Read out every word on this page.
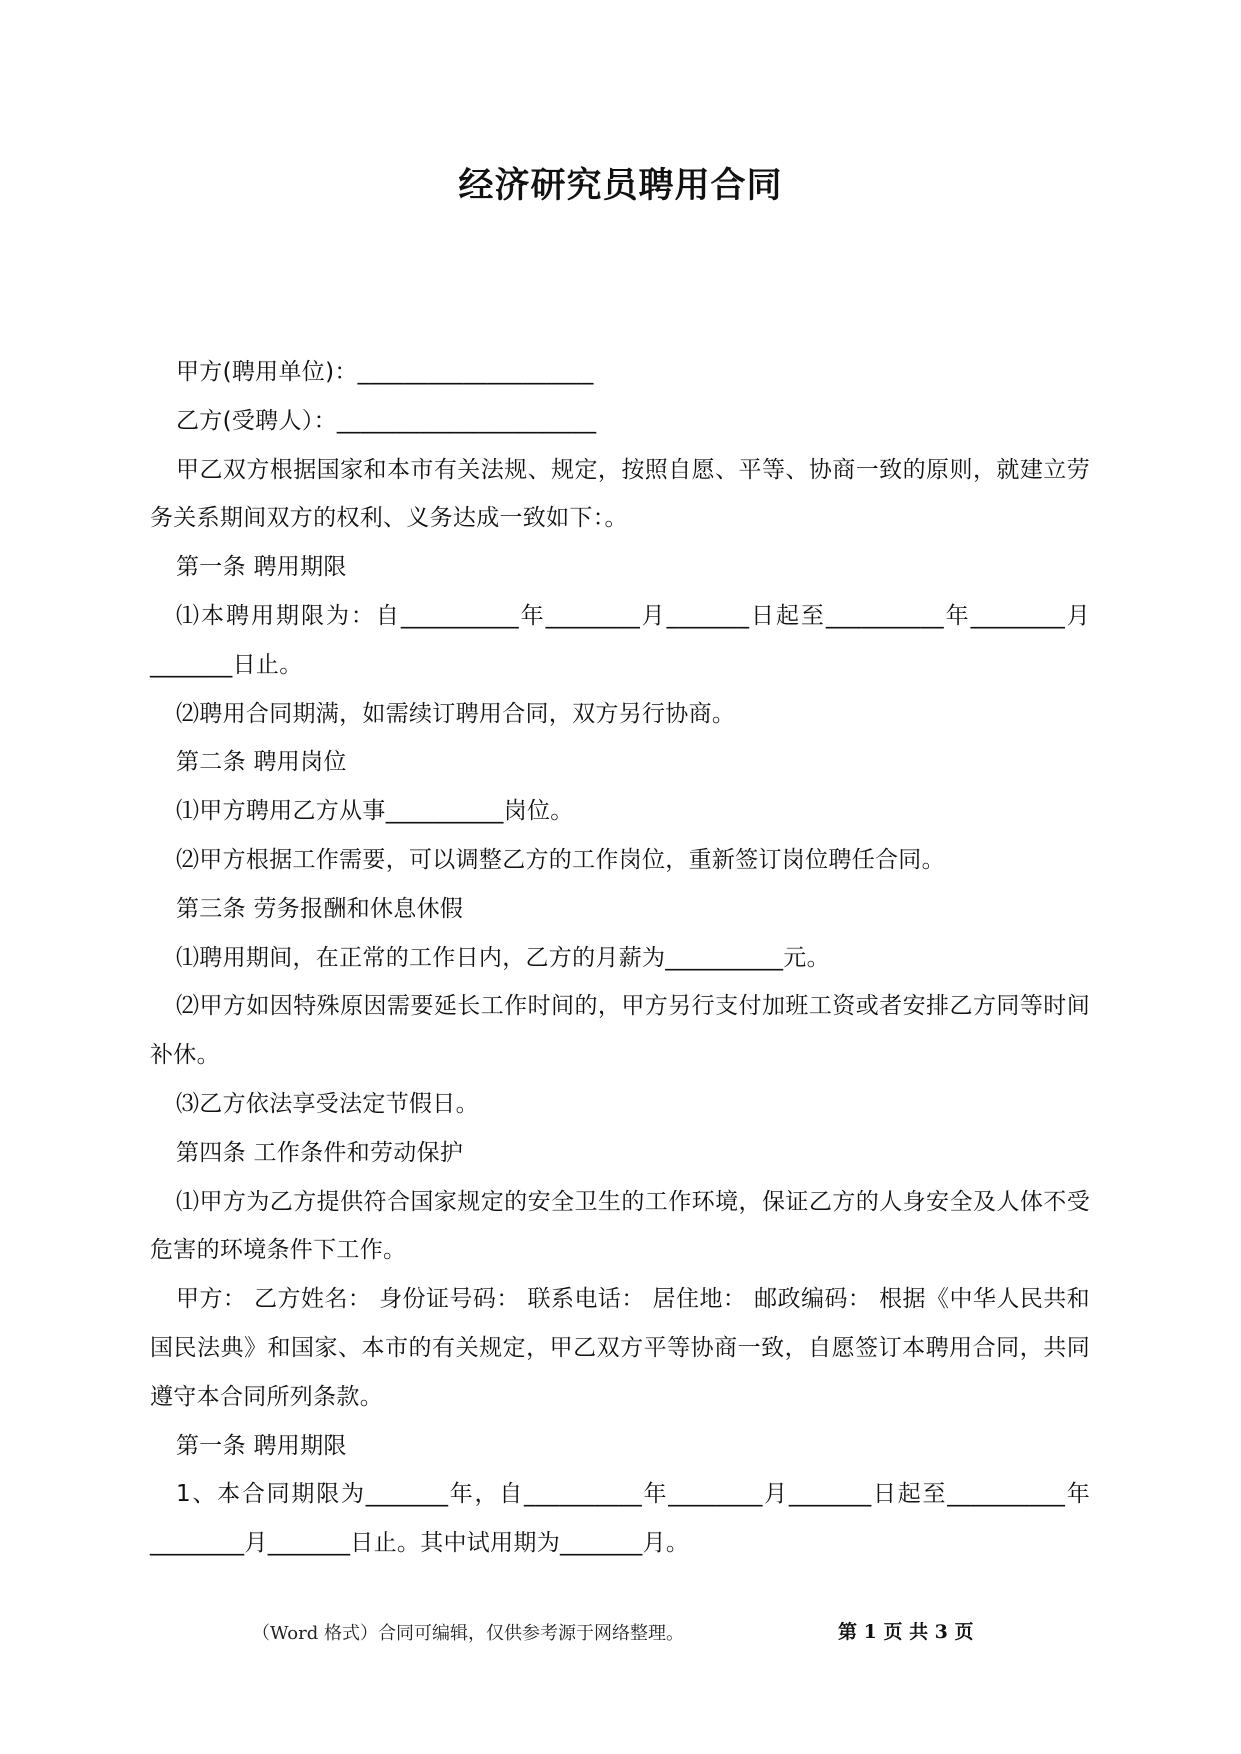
经济研究员聘用合同

甲方(聘用单位)：____________________

乙方(受聘人）：______________________

甲乙双方根据国家和本市有关法规、规定，按照自愿、平等、协商一致的原则，就建立劳务关系期间双方的权利、义务达成一致如下：。

第一条 聘用期限

⑴本聘用期限为：自__________年________月_______日起至__________年________月_______日止。

⑵聘用合同期满，如需续订聘用合同，双方另行协商。

第二条 聘用岗位

⑴甲方聘用乙方从事__________岗位。

⑵甲方根据工作需要，可以调整乙方的工作岗位，重新签订岗位聘任合同。

第三条 劳务报酬和休息休假

⑴聘用期间，在正常的工作日内，乙方的月薪为__________元。

⑵甲方如因特殊原因需要延长工作时间的，甲方另行支付加班工资或者安排乙方同等时间补休。

⑶乙方依法享受法定节假日。

第四条 工作条件和劳动保护

⑴甲方为乙方提供符合国家规定的安全卫生的工作环境，保证乙方的人身安全及人体不受危害的环境条件下工作。

甲方： 乙方姓名： 身份证号码： 联系电话： 居住地： 邮政编码： 根据《中华人民共和国民法典》和国家、本市的有关规定，甲乙双方平等协商一致，自愿签订本聘用合同，共同遵守本合同所列条款。

第一条 聘用期限

1、本合同期限为_______年，自__________年________月_______日起至__________年________月_______日止。其中试用期为_______月。

（Word 格式）合同可编辑，仅供参考源于网络整理。	第 1 页 共 3 页
